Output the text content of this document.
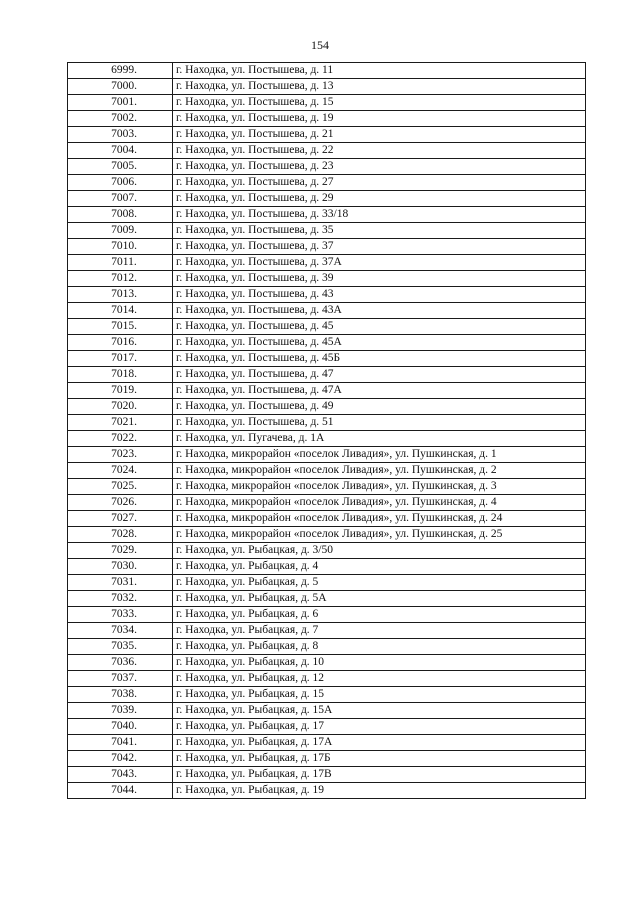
154
6999.	г. Находка, ул. Постышева, д. 11
7000.	г. Находка, ул. Постышева, д. 13
7001.	г. Находка, ул. Постышева, д. 15
7002.	г. Находка, ул. Постышева, д. 19
7003.	г. Находка, ул. Постышева, д. 21
7004.	г. Находка, ул. Постышева, д. 22
7005.	г. Находка, ул. Постышева, д. 23
7006.	г. Находка, ул. Постышева, д. 27
7007.	г. Находка, ул. Постышева, д. 29
7008.	г. Находка, ул. Постышева, д. 33/18
7009.	г. Находка, ул. Постышева, д. 35
7010.	г. Находка, ул. Постышева, д. 37
7011.	г. Находка, ул. Постышева, д. 37А
7012.	г. Находка, ул. Постышева, д. 39
7013.	г. Находка, ул. Постышева, д. 43
7014.	г. Находка, ул. Постышева, д. 43А
7015.	г. Находка, ул. Постышева, д. 45
7016.	г. Находка, ул. Постышева, д. 45А
7017.	г. Находка, ул. Постышева, д. 45Б
7018.	г. Находка, ул. Постышева, д. 47
7019.	г. Находка, ул. Постышева, д. 47А
7020.	г. Находка, ул. Постышева, д. 49
7021.	г. Находка, ул. Постышева, д. 51
7022.	г. Находка, ул. Пугачева, д. 1А
7023.	г. Находка, микрорайон «поселок Ливадия», ул. Пушкинская, д. 1
7024.	г. Находка, микрорайон «поселок Ливадия», ул. Пушкинская, д. 2
7025.	г. Находка, микрорайон «поселок Ливадия», ул. Пушкинская, д. 3
7026.	г. Находка, микрорайон «поселок Ливадия», ул. Пушкинская, д. 4
7027.	г. Находка, микрорайон «поселок Ливадия», ул. Пушкинская, д. 24
7028.	г. Находка, микрорайон «поселок Ливадия», ул. Пушкинская, д. 25
7029.	г. Находка, ул. Рыбацкая, д. 3/50
7030.	г. Находка, ул. Рыбацкая, д. 4
7031.	г. Находка, ул. Рыбацкая, д. 5
7032.	г. Находка, ул. Рыбацкая, д. 5А
7033.	г. Находка, ул. Рыбацкая, д. 6
7034.	г. Находка, ул. Рыбацкая, д. 7
7035.	г. Находка, ул. Рыбацкая, д. 8
7036.	г. Находка, ул. Рыбацкая, д. 10
7037.	г. Находка, ул. Рыбацкая, д. 12
7038.	г. Находка, ул. Рыбацкая, д. 15
7039.	г. Находка, ул. Рыбацкая, д. 15А
7040.	г. Находка, ул. Рыбацкая, д. 17
7041.	г. Находка, ул. Рыбацкая, д. 17А
7042.	г. Находка, ул. Рыбацкая, д. 17Б
7043.	г. Находка, ул. Рыбацкая, д. 17В
7044.	г. Находка, ул. Рыбацкая, д. 19
